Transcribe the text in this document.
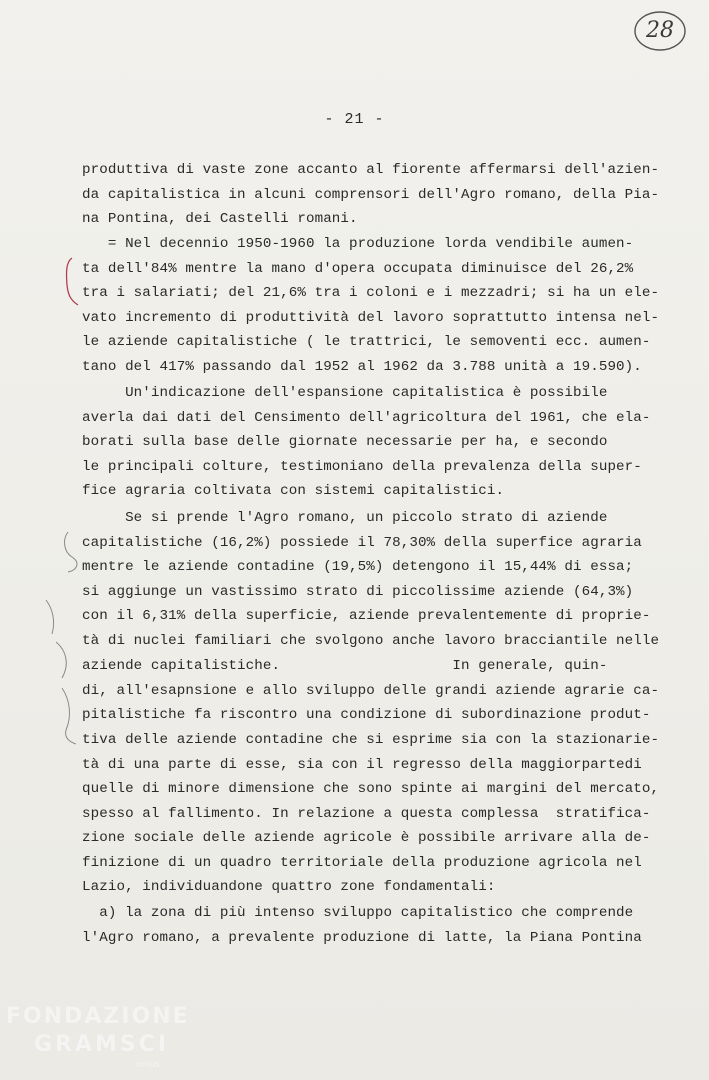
28
- 21 -
produttiva di vaste zone accanto al fiorente affermarsi dell'azien-
da capitalistica in alcuni comprensori dell'Agro romano, della Pia-
na Pontina, dei Castelli romani.
= Nel decennio 1950-1960 la produzione lorda vendibile aumen-
ta dell'84% mentre la mano d'opera occupata diminuisce del 26,2%
tra i salariati; del 21,6% tra i coloni e i mezzadri; si ha un ele-
vato incremento di produttività del lavoro soprattutto intensa nel-
le aziende capitalistiche ( le trattrici, le semoventi ecc. aumen-
tano del 417% passando dal 1952 al 1962 da 3.788 unità a 19.590).
Un'indicazione dell'espansione capitalistica è possibile
averla dai dati del Censimento dell'agricoltura del 1961, che ela-
borati sulla base delle giornate necessarie per ha, e secondo
le principali colture, testimoniano della prevalenza della super-
fice agraria coltivata con sistemi capitalistici.
Se si prende l'Agro romano, un piccolo strato di aziende
capitalistiche (16,2%) possiede il 78,30% della superfice agraria
mentre le aziende contadine (19,5%) detengono il 15,44% di essa;
si aggiunge un vastissimo strato di piccolissime aziende (64,3%)
con il 6,31% della superficie, aziende prevalentemente di proprie-
tà di nuclei familiari che svolgono anche lavoro bracciantile nelle
aziende capitalistiche.                    In generale, quin-
di, all'esapnsione e allo sviluppo delle grandi aziende agrarie ca-
pitalistiche fa riscontro una condizione di subordinazione produt-
tiva delle aziende contadine che si esprime sia con la stazionarie-
tà di una parte di esse, sia con il regresso della maggiorpartedi
quelle di minore dimensione che sono spinte ai margini del mercato,
spesso al fallimento. In relazione a questa complessa  stratifica-
zione sociale delle aziende agricole è possibile arrivare alla de-
finizione di un quadro territoriale della produzione agricola nel
Lazio, individuandone quattro zone fondamentali:
a) la zona di più intenso sviluppo capitalistico che comprende
l'Agro romano, a prevalente produzione di latte, la Piana Pontina
FONDAZIONE
GRAMSCI
onlus
